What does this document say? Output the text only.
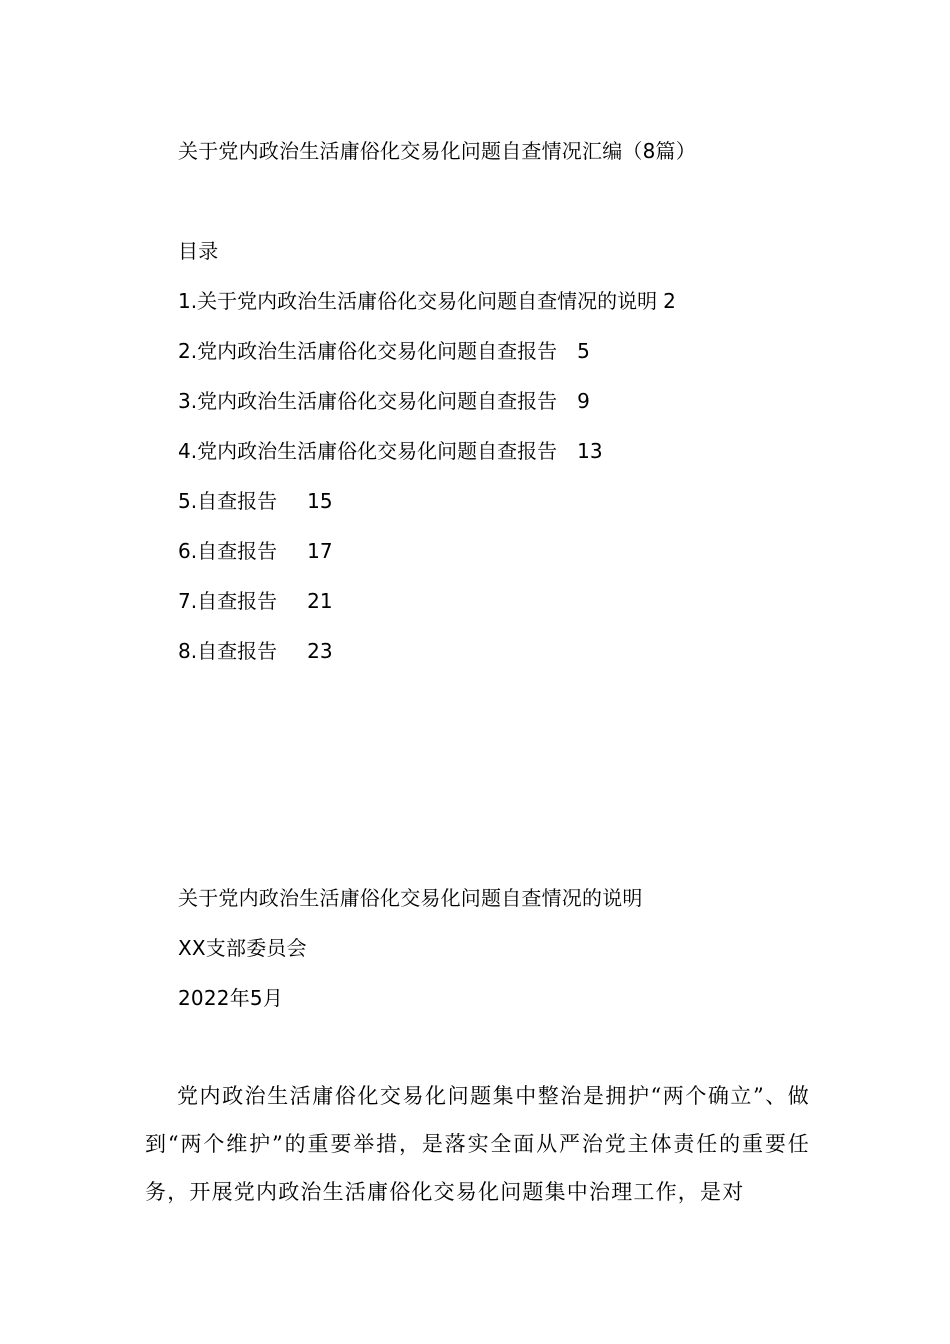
关于党内政治生活庸俗化交易化问题自查情况汇编（8篇）
目录
1.关于党内政治生活庸俗化交易化问题自查情况的说明 2
2.党内政治生活庸俗化交易化问题自查报告 5
3.党内政治生活庸俗化交易化问题自查报告 9
4.党内政治生活庸俗化交易化问题自查报告 13
5.自查报告 15
6.自查报告 17
7.自查报告 21
8.自查报告 23
关于党内政治生活庸俗化交易化问题自查情况的说明
XX支部委员会
2022年5月

党内政治生活庸俗化交易化问题集中整治是拥护“两个确立”、做到“两个维护”的重要举措，是落实全面从严治党主体责任的重要任务，开展党内政治生活庸俗化交易化问题集中治理工作，是对
